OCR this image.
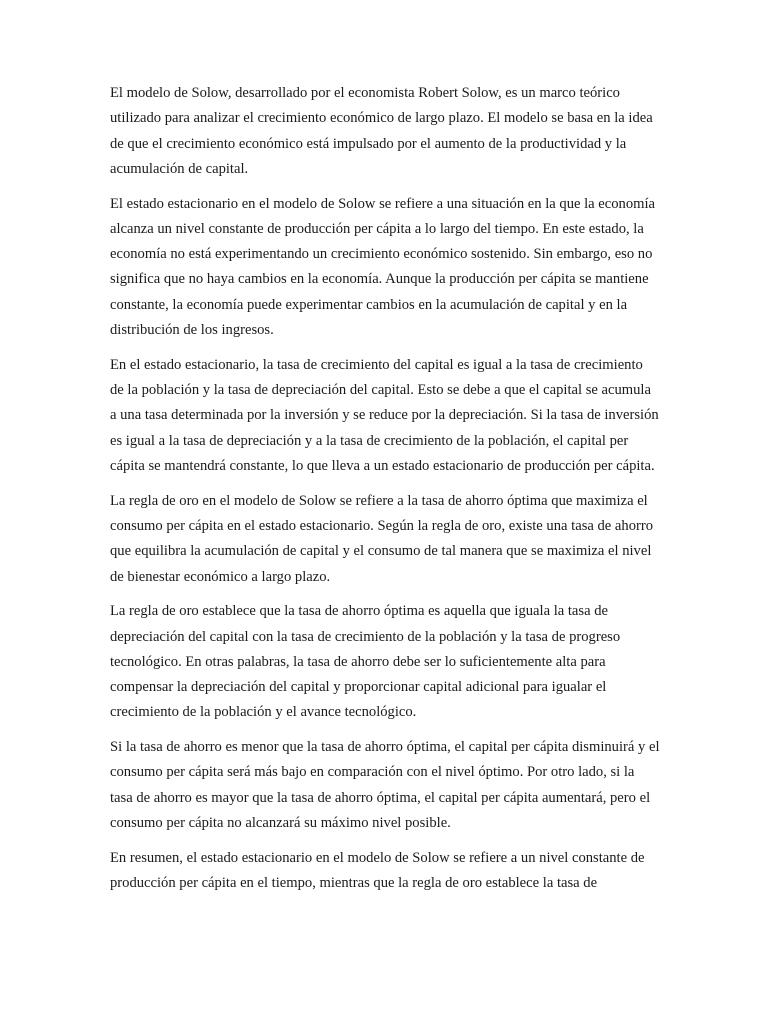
El modelo de Solow, desarrollado por el economista Robert Solow, es un marco teórico utilizado para analizar el crecimiento económico de largo plazo. El modelo se basa en la idea de que el crecimiento económico está impulsado por el aumento de la productividad y la acumulación de capital.

El estado estacionario en el modelo de Solow se refiere a una situación en la que la economía alcanza un nivel constante de producción per cápita a lo largo del tiempo. En este estado, la economía no está experimentando un crecimiento económico sostenido. Sin embargo, eso no significa que no haya cambios en la economía. Aunque la producción per cápita se mantiene constante, la economía puede experimentar cambios en la acumulación de capital y en la distribución de los ingresos.

En el estado estacionario, la tasa de crecimiento del capital es igual a la tasa de crecimiento de la población y la tasa de depreciación del capital. Esto se debe a que el capital se acumula a una tasa determinada por la inversión y se reduce por la depreciación. Si la tasa de inversión es igual a la tasa de depreciación y a la tasa de crecimiento de la población, el capital per cápita se mantendrá constante, lo que lleva a un estado estacionario de producción per cápita.

La regla de oro en el modelo de Solow se refiere a la tasa de ahorro óptima que maximiza el consumo per cápita en el estado estacionario. Según la regla de oro, existe una tasa de ahorro que equilibra la acumulación de capital y el consumo de tal manera que se maximiza el nivel de bienestar económico a largo plazo.

La regla de oro establece que la tasa de ahorro óptima es aquella que iguala la tasa de depreciación del capital con la tasa de crecimiento de la población y la tasa de progreso tecnológico. En otras palabras, la tasa de ahorro debe ser lo suficientemente alta para compensar la depreciación del capital y proporcionar capital adicional para igualar el crecimiento de la población y el avance tecnológico.

Si la tasa de ahorro es menor que la tasa de ahorro óptima, el capital per cápita disminuirá y el consumo per cápita será más bajo en comparación con el nivel óptimo. Por otro lado, si la tasa de ahorro es mayor que la tasa de ahorro óptima, el capital per cápita aumentará, pero el consumo per cápita no alcanzará su máximo nivel posible.

En resumen, el estado estacionario en el modelo de Solow se refiere a un nivel constante de producción per cápita en el tiempo, mientras que la regla de oro establece la tasa de
